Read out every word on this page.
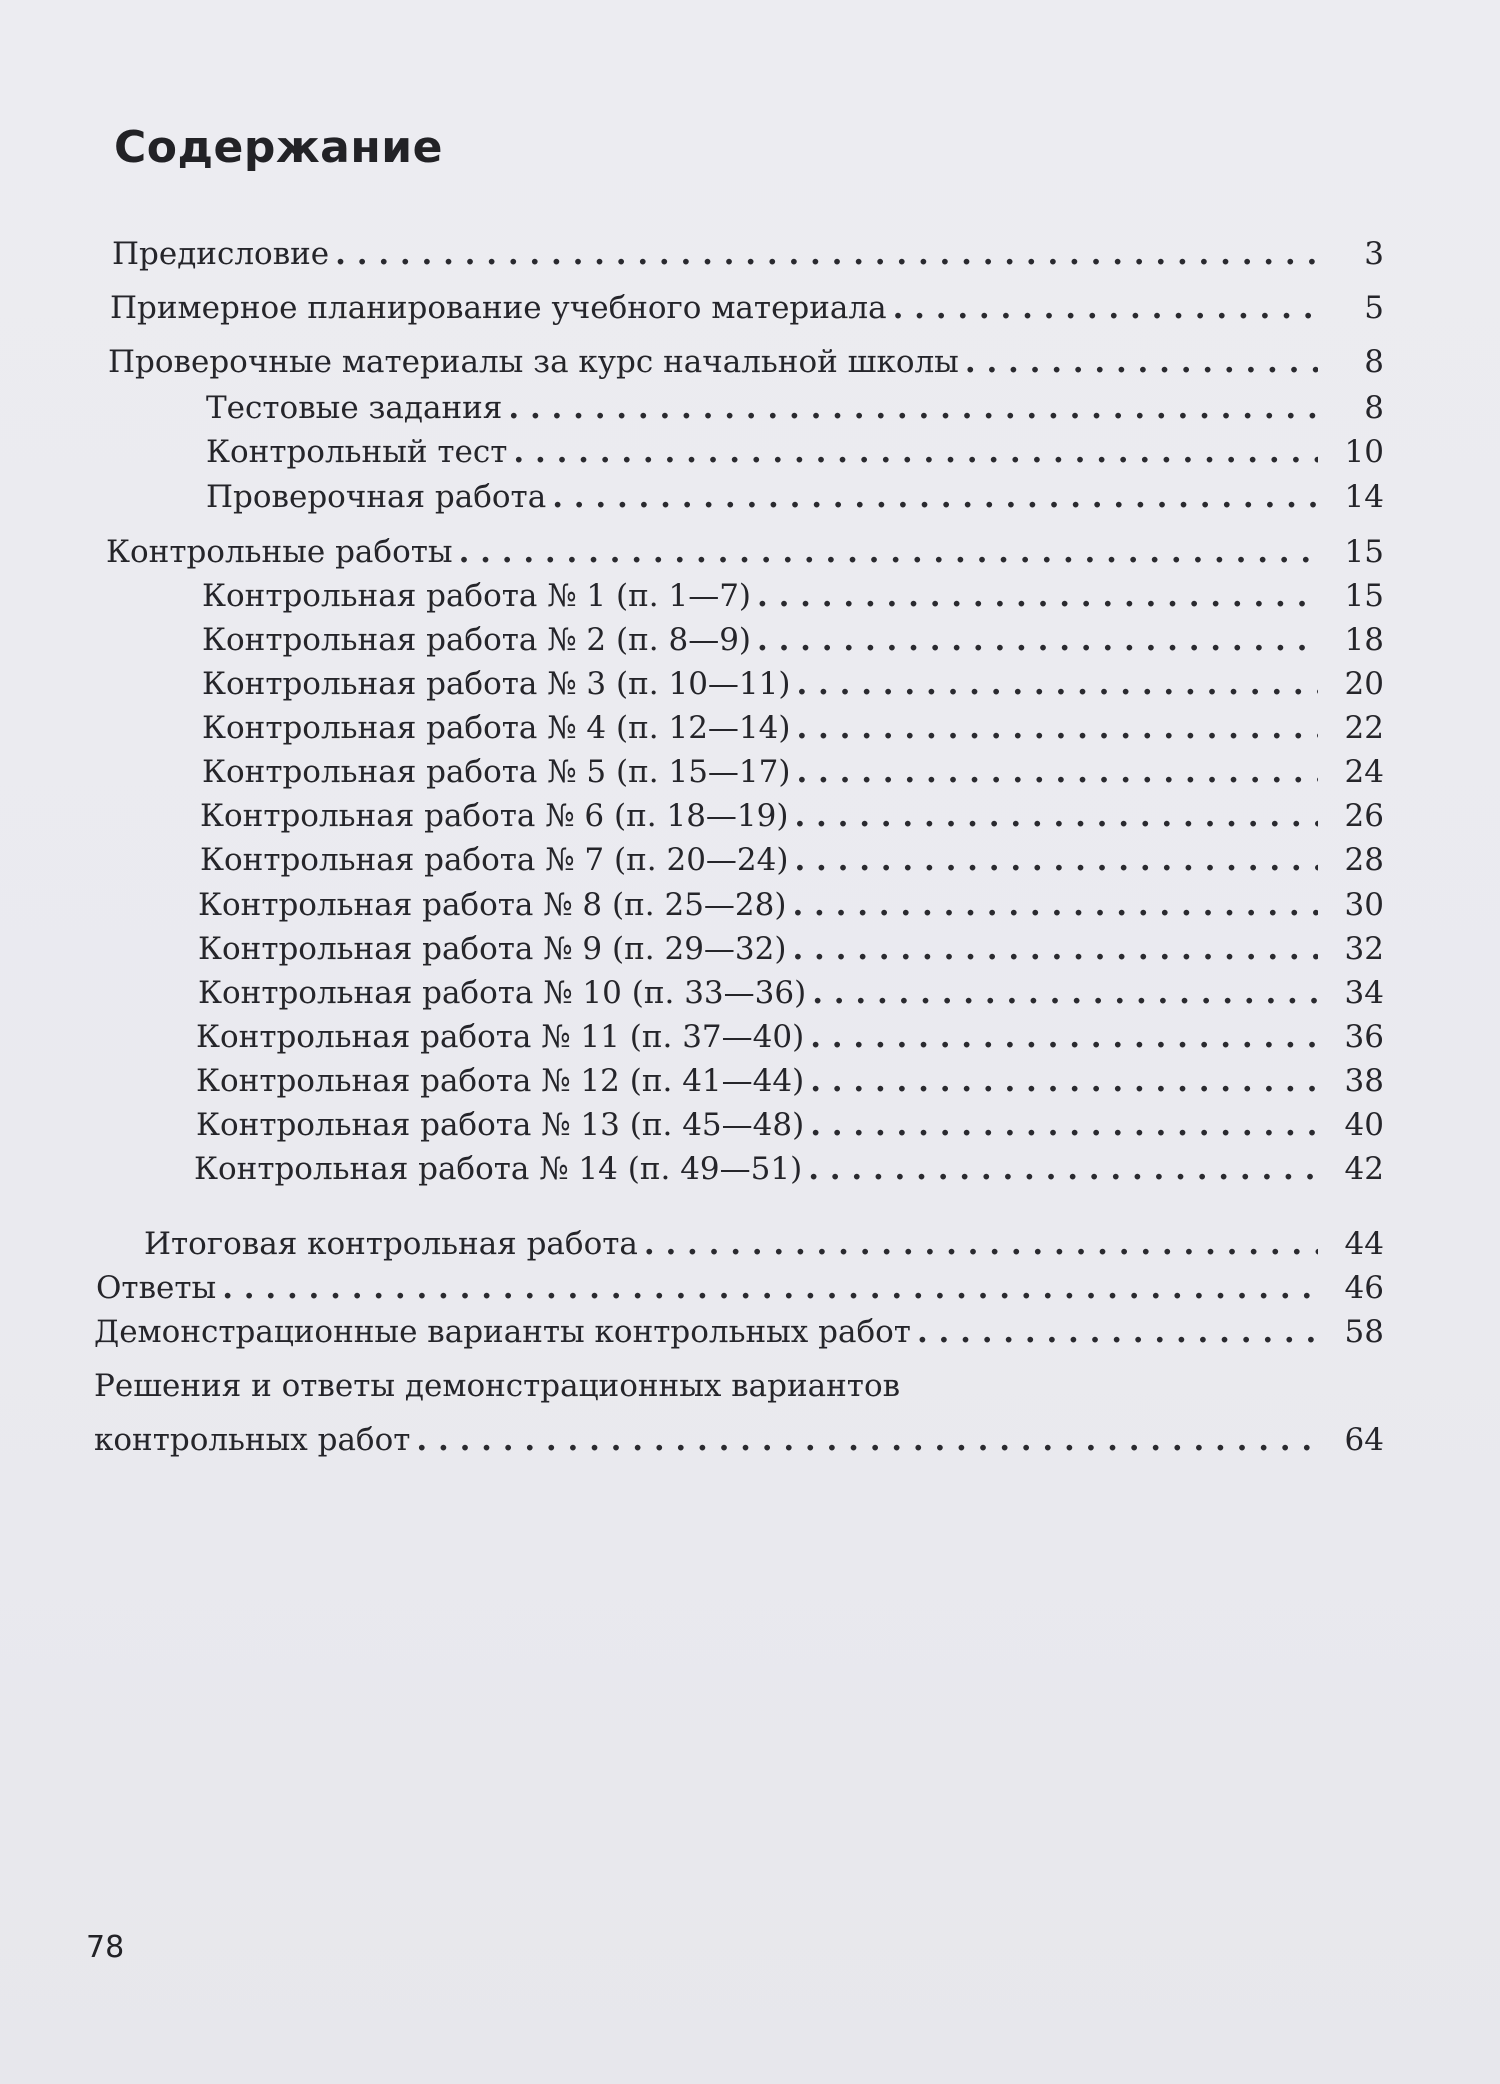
Содержание
Предисловие . . .	3
Примерное планирование учебного материала . . .	5
Проверочные материалы за курс начальной школы . . .	8
Тестовые задания . . .	8
Контрольный тест . . .	10
Проверочная работа . . .	14
Контрольные работы . . .	15
Контрольная работа № 1 (п. 1—7) . . .	15
Контрольная работа № 2 (п. 8—9) . . .	18
Контрольная работа № 3 (п. 10—11) . . .	20
Контрольная работа № 4 (п. 12—14) . . .	22
Контрольная работа № 5 (п. 15—17) . . .	24
Контрольная работа № 6 (п. 18—19) . . .	26
Контрольная работа № 7 (п. 20—24) . . .	28
Контрольная работа № 8 (п. 25—28) . . .	30
Контрольная работа № 9 (п. 29—32) . . .	32
Контрольная работа № 10 (п. 33—36) . . .	34
Контрольная работа № 11 (п. 37—40) . . .	36
Контрольная работа № 12 (п. 41—44) . . .	38
Контрольная работа № 13 (п. 45—48) . . .	40
Контрольная работа № 14 (п. 49—51) . . .	42
Итоговая контрольная работа . . .	44
Ответы . . .	46
Демонстрационные варианты контрольных работ . . .	58
Решения и ответы демонстрационных вариантов
контрольных работ . . .	64
78
